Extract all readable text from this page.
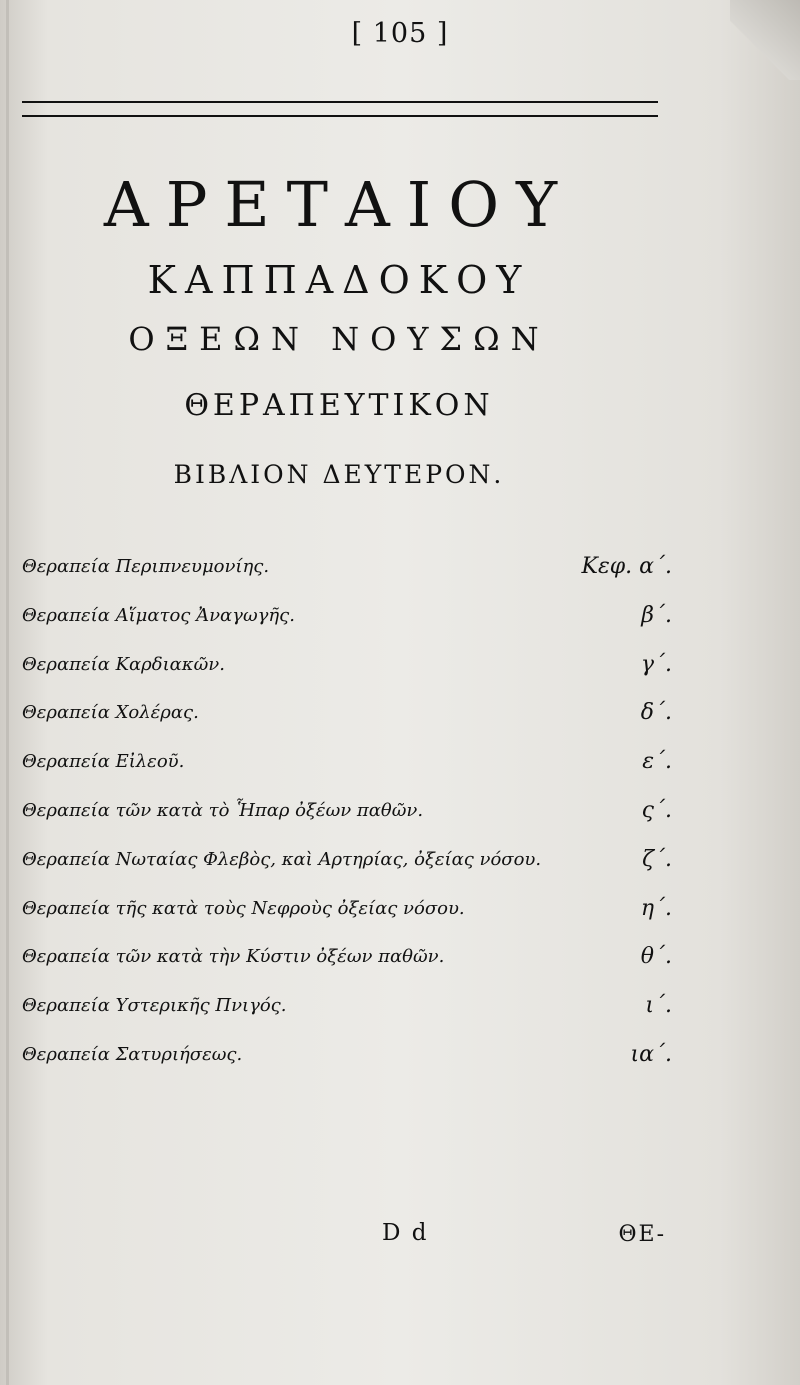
[ 105 ]
ΑΡΕΤΑΙΟΥ
ΚΑΠΠΑΔΟΚΟΥ
ΟΞΕΩΝ ΝΟΥΣΩΝ
ΘΕΡΑΠΕΥΤΙΚΟΝ
ΒΙΒΛΙΟΝ ΔΕΥΤΕΡΟΝ.
Θεραπεία Περιπνευμονίης.	Κεφ. α΄.
Θεραπεία Αἵματος Ἀναγωγῆς.	β΄.
Θεραπεία Καρδιακῶν.	γ΄.
Θεραπεία Χολέρας.	δ΄.
Θεραπεία Εἰλεοῦ.	ε΄.
Θεραπεία τῶν κατὰ τὸ Ἧπαρ ὀξέων παθῶν.	ς΄.
Θεραπεία Νωταίας Φλεβὸς, καὶ Αρτηρίας, ὀξείας νόσου.	ζ΄.
Θεραπεία τῆς κατὰ τοὺς Νεφροὺς ὀξείας νόσου.	η΄.
Θεραπεία τῶν κατὰ τὴν Κύστιν ὀξέων παθῶν.	θ΄.
Θεραπεία Υστερικῆς Πνιγός.	ι΄.
Θεραπεία Σατυριήσεως.	ια΄.
D d	ΘΕ-
